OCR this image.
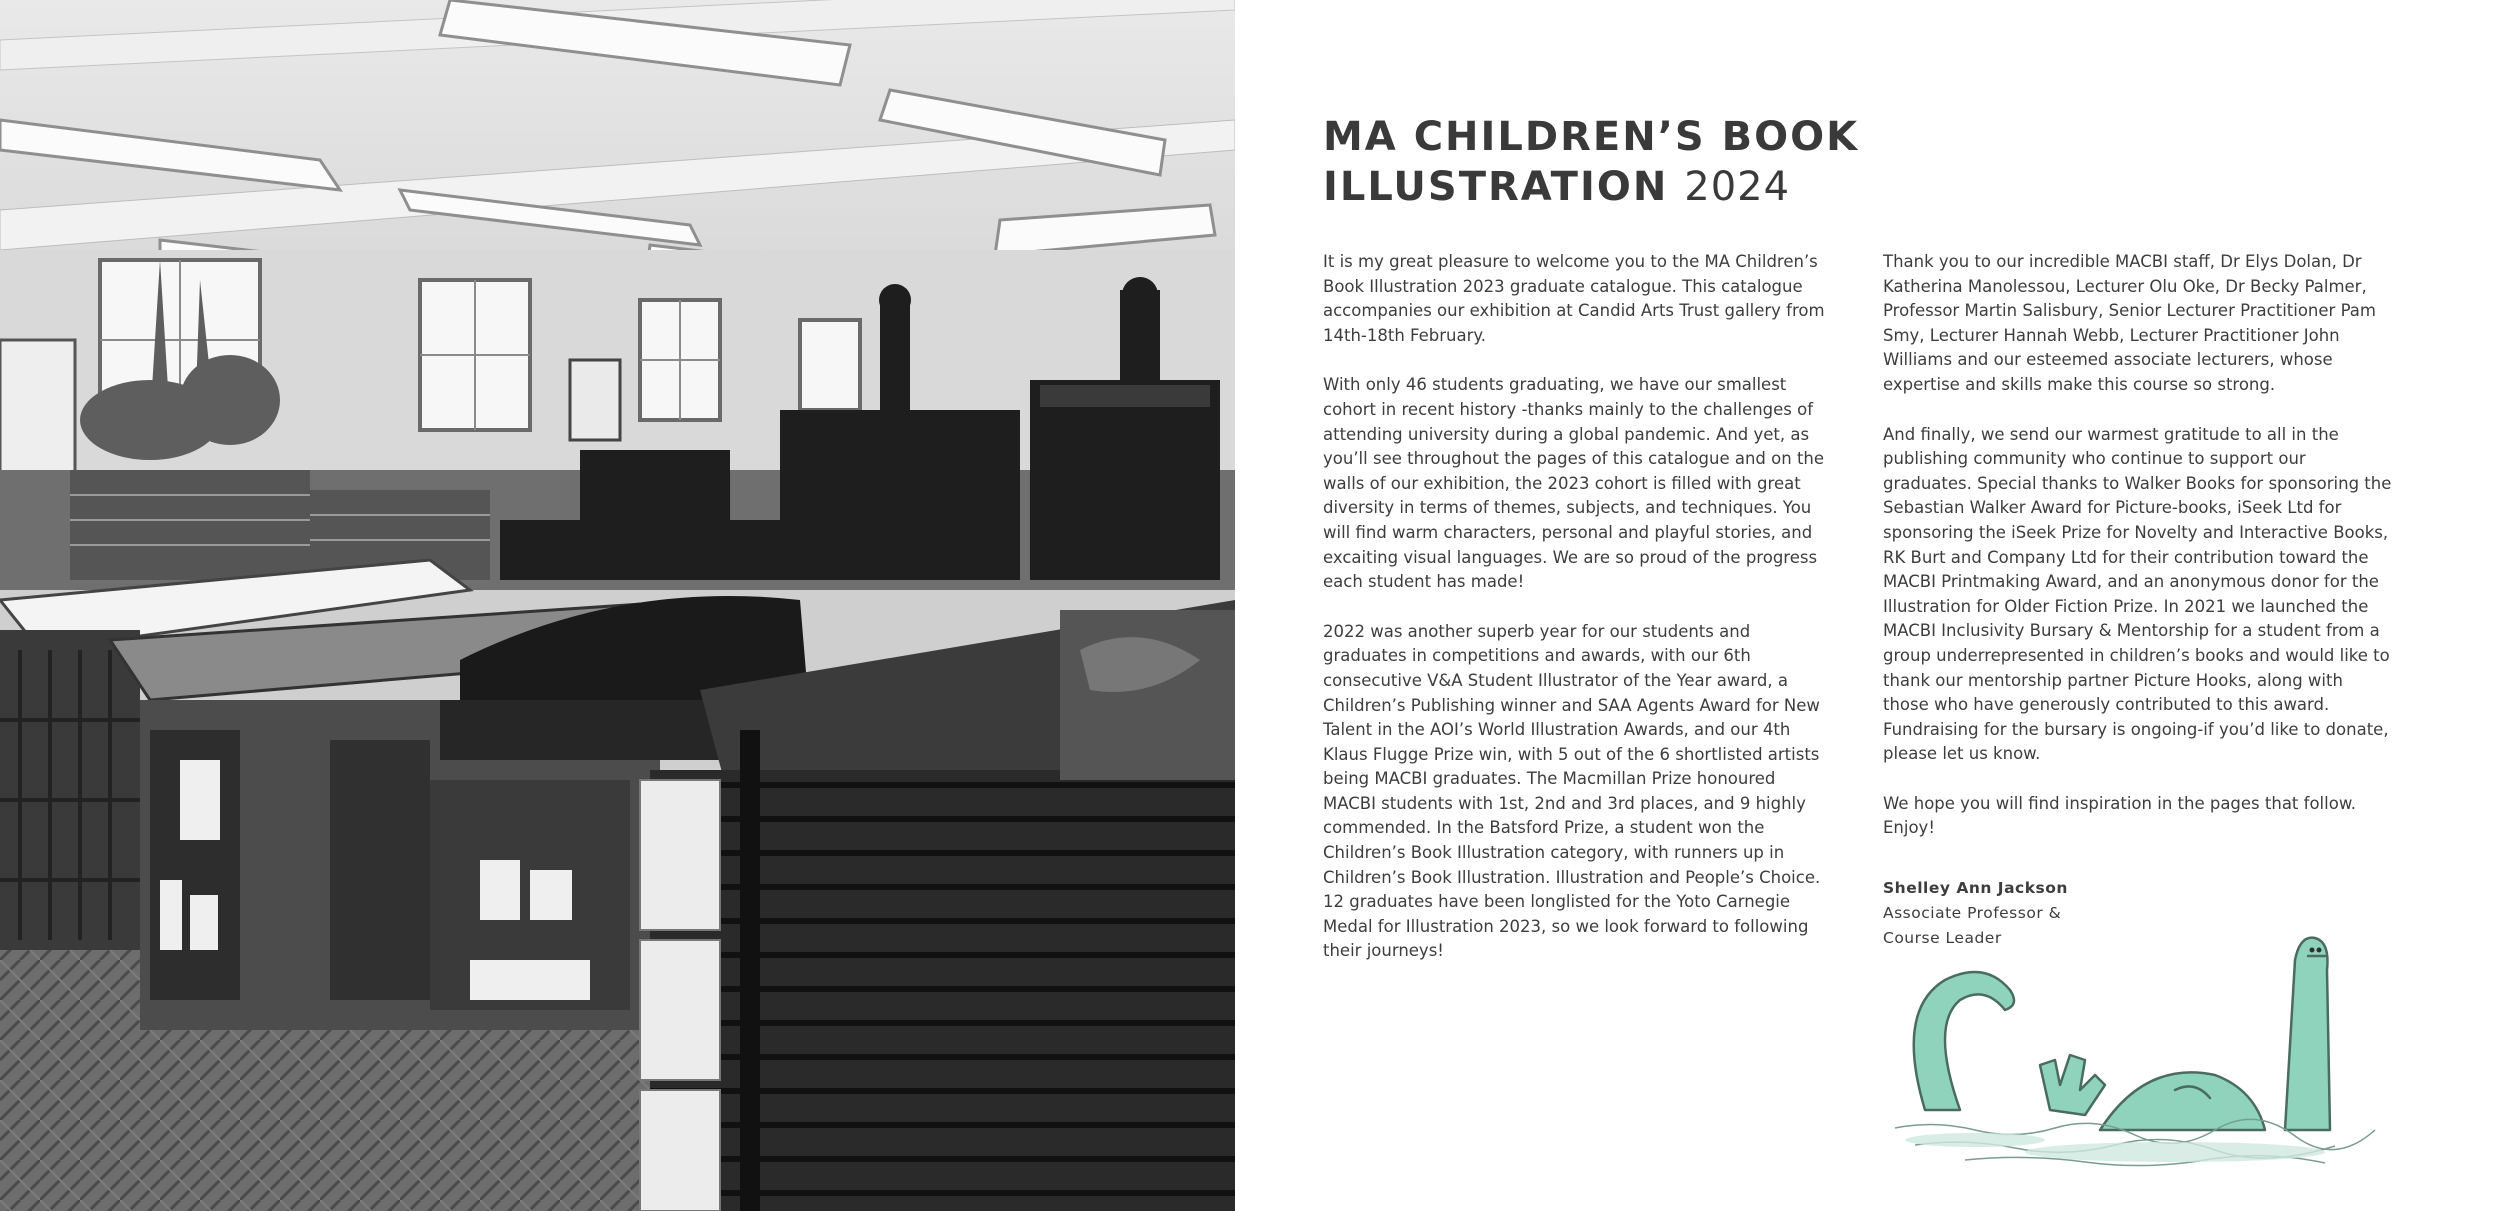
MA CHILDREN’S BOOK
ILLUSTRATION 2024

It is my great pleasure to welcome you to the MA Children’s Book Illustration 2023 graduate catalogue. This catalogue accompanies our exhibition at Candid Arts Trust gallery from 14th-18th February.

With only 46 students graduating, we have our smallest cohort in recent history -thanks mainly to the challenges of attending university during a global pandemic. And yet, as you’ll see throughout the pages of this catalogue and on the walls of our exhibition, the 2023 cohort is filled with great diversity in terms of themes, subjects, and techniques. You will find warm characters, personal and playful stories, and excaiting visual languages. We are so proud of the progress each student has made!

2022 was another superb year for our students and graduates in competitions and awards, with our 6th consecutive V&A Student Illustrator of the Year award, a Children’s Publishing winner and SAA Agents Award for New Talent in the AOI’s World Illustration Awards, and our 4th Klaus Flugge Prize win, with 5 out of the 6 shortlisted artists being MACBI graduates. The Macmillan Prize honoured MACBI students with 1st, 2nd and 3rd places, and 9 highly commended. In the Batsford Prize, a student won the Children’s Book Illustration category, with runners up in Children’s Book Illustration. Illustration and People’s Choice. 12 graduates have been longlisted for the Yoto Carnegie Medal for Illustration 2023, so we look forward to following their journeys!

Thank you to our incredible MACBI staff, Dr Elys Dolan, Dr Katherina Manolessou, Lecturer Olu Oke, Dr Becky Palmer, Professor Martin Salisbury, Senior Lecturer Practitioner Pam Smy, Lecturer Hannah Webb, Lecturer Practitioner John Williams and our esteemed associate lecturers, whose expertise and skills make this course so strong.

And finally, we send our warmest gratitude to all in the publishing community who continue to support our graduates. Special thanks to Walker Books for sponsoring the Sebastian Walker Award for Picture-books, iSeek Ltd for sponsoring the iSeek Prize for Novelty and Interactive Books, RK Burt and Company Ltd for their contribution toward the MACBI Printmaking Award, and an anonymous donor for the Illustration for Older Fiction Prize. In 2021 we launched the MACBI Inclusivity Bursary & Mentorship for a student from a group underrepresented in children’s books and would like to thank our mentorship partner Picture Hooks, along with those who have generously contributed to this award. Fundraising for the bursary is ongoing-if you’d like to donate, please let us know.

We hope you will find inspiration in the pages that follow. Enjoy!

Shelley Ann Jackson
Associate Professor &
Course Leader
